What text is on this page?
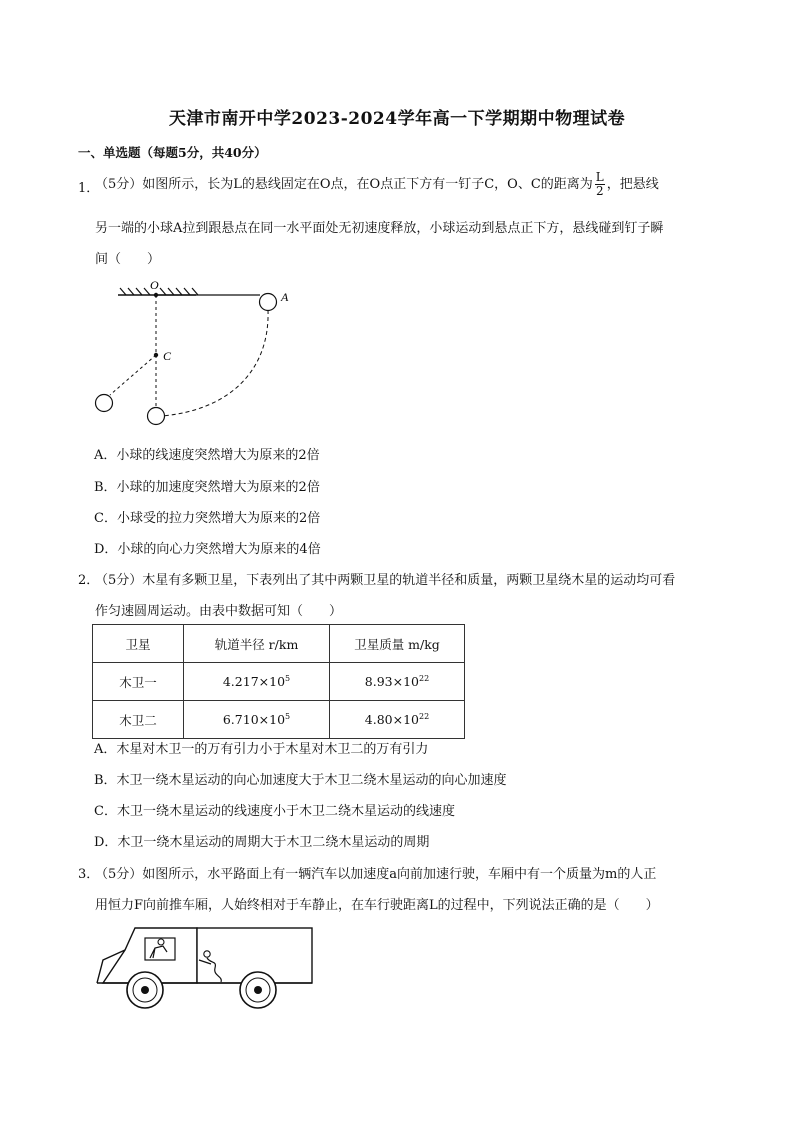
天津市南开中学2023-2024学年高一下学期期中物理试卷
一、单选题（每题5分，共40分）
1．
（5分）如图所示，长为L的悬线固定在O点，在O点正下方有一钉子C，O、C的距离为 $\frac{L}{2}$ ，把悬线
另一端的小球A拉到跟悬点在同一水平面处无初速度释放，小球运动到悬点正下方，悬线碰到钉子瞬
间（　　）
O
A
C
A．小球的线速度突然增大为原来的2倍
B．小球的加速度突然增大为原来的2倍
C．小球受的拉力突然增大为原来的2倍
D．小球的向心力突然增大为原来的4倍
2．
（5分）木星有多颗卫星，下表列出了其中两颗卫星的轨道半径和质量，两颗卫星绕木星的运动均可看
作匀速圆周运动。由表中数据可知（　　）
卫星	轨道半径 r/km	卫星质量 m/kg
木卫一	$4.217\times 10^5$	$8.93\times 10^{22}$
木卫二	$6.710\times 10^5$	$4.80\times 10^{22}$
A．木星对木卫一的万有引力小于木星对木卫二的万有引力
B．木卫一绕木星运动的向心加速度大于木卫二绕木星运动的向心加速度
C．木卫一绕木星运动的线速度小于木卫二绕木星运动的线速度
D．木卫一绕木星运动的周期大于木卫二绕木星运动的周期
3．
（5分）如图所示，水平路面上有一辆汽车以加速度a向前加速行驶，车厢中有一个质量为m的人正
用恒力F向前推车厢，人始终相对于车静止，在车行驶距离L的过程中，下列说法正确的是（　　）
